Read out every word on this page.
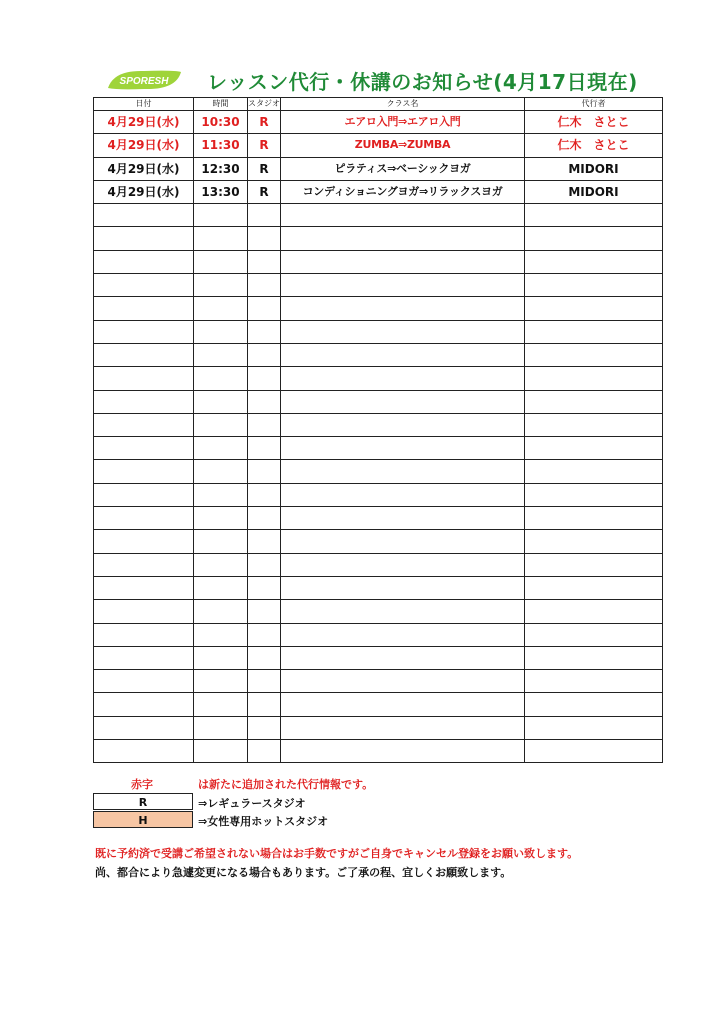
SPORESH レッスン代行・休講のお知らせ(4月17日現在)
日付	時間	スタジオ	クラス名	代行者
4月29日(水)	10:30	R	エアロ入門⇒エアロ入門	仁木　さとこ
4月29日(水)	11:30	R	ZUMBA⇒ZUMBA	仁木　さとこ
4月29日(水)	12:30	R	ピラティス⇒ベーシックヨガ	MIDORI
4月29日(水)	13:30	R	コンディショニングヨガ⇒リラックスヨガ	MIDORI

赤字	は新たに追加された代行情報です。
R	⇒レギュラースタジオ
H	⇒女性専用ホットスタジオ
既に予約済で受講ご希望されない場合はお手数ですがご自身でキャンセル登録をお願い致します。
尚、都合により急遽変更になる場合もあります。ご了承の程、宜しくお願致します。
